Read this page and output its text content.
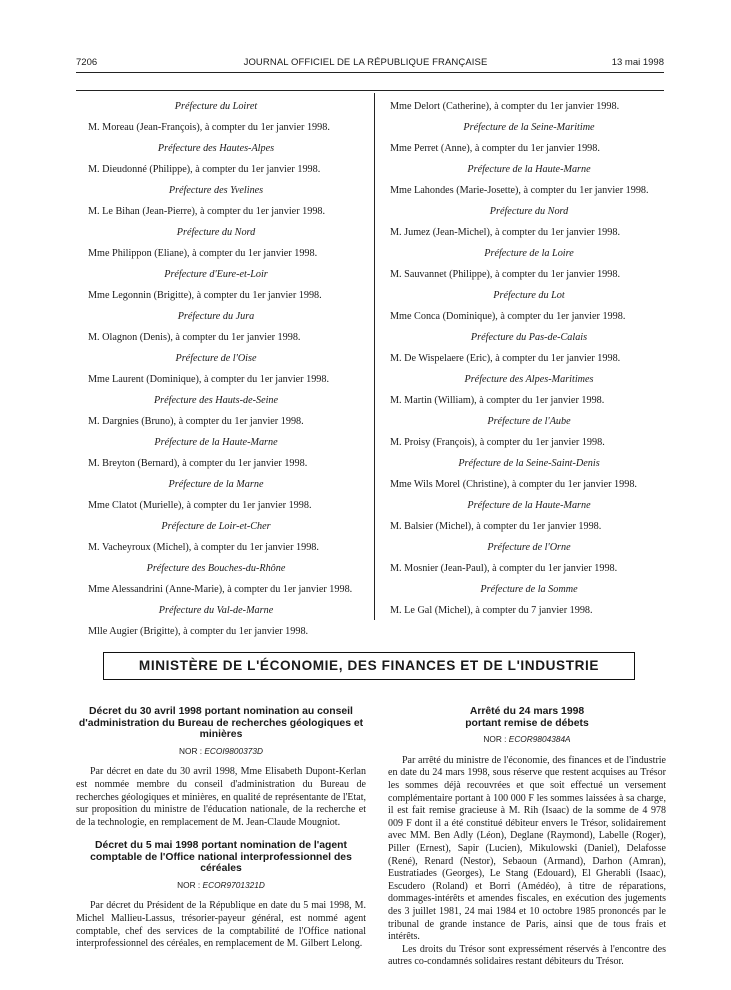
7206	JOURNAL OFFICIEL DE LA RÉPUBLIQUE FRANÇAISE	13 mai 1998
Préfecture du Loiret
M. Moreau (Jean-François), à compter du 1er janvier 1998.
Préfecture des Hautes-Alpes
M. Dieudonné (Philippe), à compter du 1er janvier 1998.
Préfecture des Yvelines
M. Le Bihan (Jean-Pierre), à compter du 1er janvier 1998.
Préfecture du Nord
Mme Philippon (Eliane), à compter du 1er janvier 1998.
Préfecture d'Eure-et-Loir
Mme Legonnin (Brigitte), à compter du 1er janvier 1998.
Préfecture du Jura
M. Olagnon (Denis), à compter du 1er janvier 1998.
Préfecture de l'Oise
Mme Laurent (Dominique), à compter du 1er janvier 1998.
Préfecture des Hauts-de-Seine
M. Dargnies (Bruno), à compter du 1er janvier 1998.
Préfecture de la Haute-Marne
M. Breyton (Bernard), à compter du 1er janvier 1998.
Préfecture de la Marne
Mme Clatot (Murielle), à compter du 1er janvier 1998.
Préfecture de Loir-et-Cher
M. Vacheyroux (Michel), à compter du 1er janvier 1998.
Préfecture des Bouches-du-Rhône
Mme Alessandrini (Anne-Marie), à compter du 1er janvier 1998.
Préfecture du Val-de-Marne
Mlle Augier (Brigitte), à compter du 1er janvier 1998.
Mme Delort (Catherine), à compter du 1er janvier 1998.
Préfecture de la Seine-Maritime
Mme Perret (Anne), à compter du 1er janvier 1998.
Préfecture de la Haute-Marne
Mme Lahondes (Marie-Josette), à compter du 1er janvier 1998.
Préfecture du Nord
M. Jumez (Jean-Michel), à compter du 1er janvier 1998.
Préfecture de la Loire
M. Sauvannet (Philippe), à compter du 1er janvier 1998.
Préfecture du Lot
Mme Conca (Dominique), à compter du 1er janvier 1998.
Préfecture du Pas-de-Calais
M. De Wispelaere (Eric), à compter du 1er janvier 1998.
Préfecture des Alpes-Maritimes
M. Martin (William), à compter du 1er janvier 1998.
Préfecture de l'Aube
M. Proisy (François), à compter du 1er janvier 1998.
Préfecture de la Seine-Saint-Denis
Mme Wils Morel (Christine), à compter du 1er janvier 1998.
Préfecture de la Haute-Marne
M. Balsier (Michel), à compter du 1er janvier 1998.
Préfecture de l'Orne
M. Mosnier (Jean-Paul), à compter du 1er janvier 1998.
Préfecture de la Somme
M. Le Gal (Michel), à compter du 7 janvier 1998.
MINISTÈRE DE L'ÉCONOMIE, DES FINANCES ET DE L'INDUSTRIE
Décret du 30 avril 1998 portant nomination au conseil d'administration du Bureau de recherches géologiques et minières
NOR : ECOI9800373D

Par décret en date du 30 avril 1998, Mme Elisabeth Dupont-Kerlan est nommée membre du conseil d'administration du Bureau de recherches géologiques et minières, en qualité de représentante de l'Etat, sur proposition du ministre de l'éducation nationale, de la recherche et de la technologie, en remplacement de M. Jean-Claude Mougniot.

Décret du 5 mai 1998 portant nomination de l'agent comptable de l'Office national interprofessionnel des céréales
NOR : ECOR9701321D

Par décret du Président de la République en date du 5 mai 1998, M. Michel Mallieu-Lassus, trésorier-payeur général, est nommé agent comptable, chef des services de la comptabilité de l'Office national interprofessionnel des céréales, en remplacement de M. Gilbert Lelong.

Arrêté du 24 mars 1998 portant remise de débets
NOR : ECOR9804384A

Par arrêté du ministre de l'économie, des finances et de l'industrie en date du 24 mars 1998, sous réserve que restent acquises au Trésor les sommes déjà recouvrées et que soit effectué un versement complémentaire portant à 100 000 F les sommes laissées à sa charge, il est fait remise gracieuse à M. Rih (Isaac) de la somme de 4 978 009 F dont il a été constitué débiteur envers le Trésor, solidairement avec MM. Ben Adly (Léon), Deglane (Raymond), Labelle (Roger), Piller (Ernest), Sapir (Lucien), Mikulowski (Daniel), Delafosse (René), Renard (Nestor), Sebaoun (Armand), Darhon (Amran), Eustratiades (Georges), Le Stang (Edouard), El Gherabli (Isaac), Escudero (Roland) et Borri (Amédéo), à titre de réparations, dommages-intérêts et amendes fiscales, en exécution des jugements des 3 juillet 1981, 24 mai 1984 et 10 octobre 1985 prononcés par le tribunal de grande instance de Paris, ainsi que de tous frais et intérêts.

Les droits du Trésor sont expressément réservés à l'encontre des autres co-condamnés solidaires restant débiteurs du Trésor.
